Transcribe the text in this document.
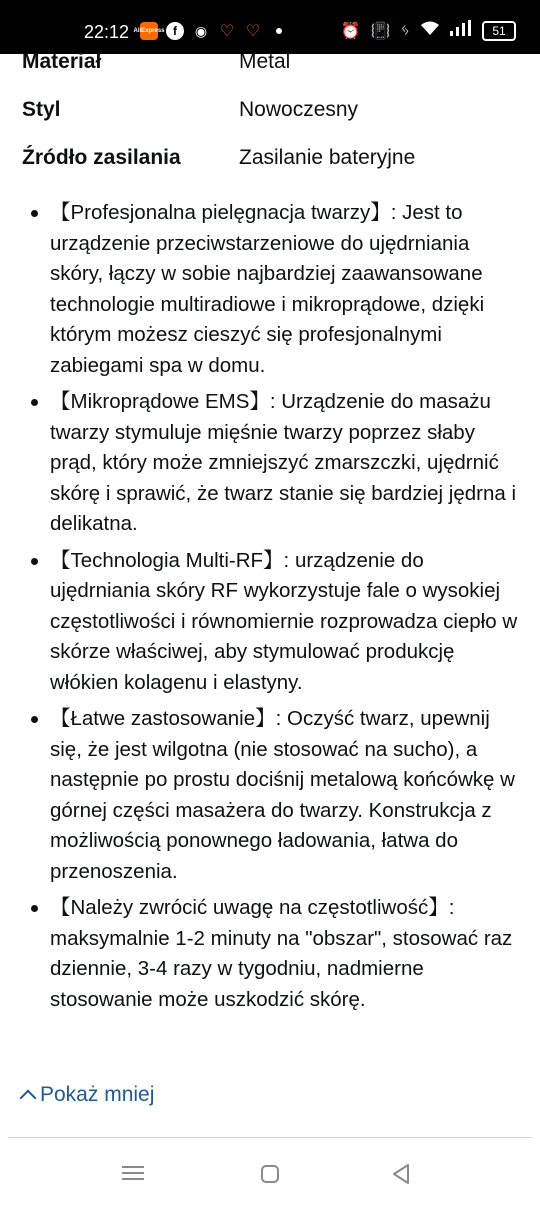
22:12 AliExpress f	◉ ♡ ♡	⏰ 📳 ᛃ	51
Materiał	Metal
Styl	Nowoczesny
Źródło zasilania	Zasilanie bateryjne
【Profesjonalna pielęgnacja twarzy】: Jest to urządzenie przeciwstarzeniowe do ujędrniania skóry, łączy w sobie najbardziej zaawansowane technologie multiradiowe i mikroprądowe, dzięki którym możesz cieszyć się profesjonalnymi zabiegami spa w domu.
【Mikroprądowe EMS】: Urządzenie do masażu twarzy stymuluje mięśnie twarzy poprzez słaby prąd, który może zmniejszyć zmarszczki, ujędrnić skórę i sprawić, że twarz stanie się bardziej jędrna i delikatna.
【Technologia Multi-RF】: urządzenie do ujędrniania skóry RF wykorzystuje fale o wysokiej częstotliwości i równomiernie rozprowadza ciepło w skórze właściwej, aby stymulować produkcję włókien kolagenu i elastyny.
【Łatwe zastosowanie】: Oczyść twarz, upewnij się, że jest wilgotna (nie stosować na sucho), a następnie po prostu dociśnij metalową końcówkę w górnej części masażera do twarzy. Konstrukcja z możliwością ponownego ładowania, łatwa do przenoszenia.
【Należy zwrócić uwagę na częstotliwość】: maksymalnie 1-2 minuty na "obszar", stosować raz dziennie, 3-4 razy w tygodniu, nadmierne stosowanie może uszkodzić skórę.
Pokaż mniej
